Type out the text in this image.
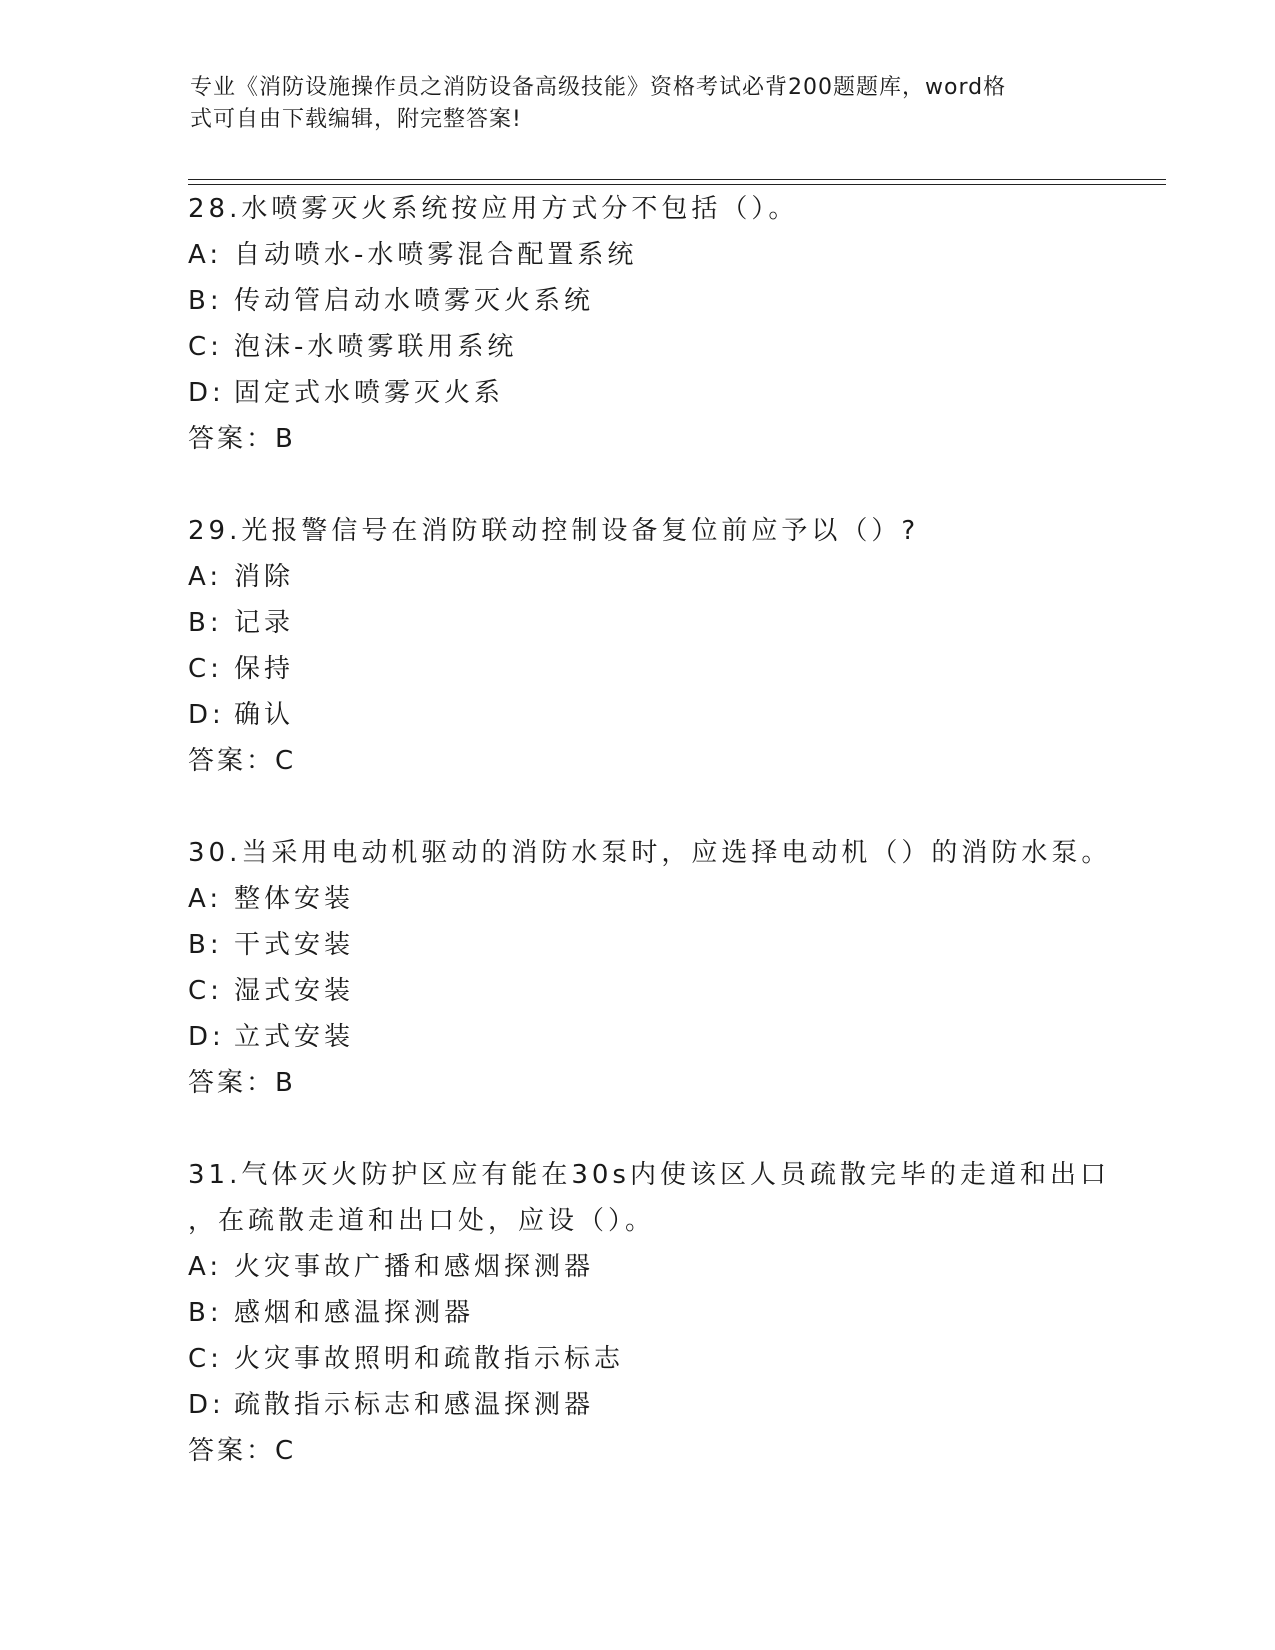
专业《消防设施操作员之消防设备高级技能》资格考试必背200题题库，word格
式可自由下载编辑，附完整答案!
28.水喷雾灭火系统按应用方式分不包括（）。
A: 自动喷水-水喷雾混合配置系统
B: 传动管启动水喷雾灭火系统
C: 泡沫-水喷雾联用系统
D: 固定式水喷雾灭火系
答案：B
29.光报警信号在消防联动控制设备复位前应予以（）?
A: 消除
B: 记录
C: 保持
D: 确认
答案：C
30.当采用电动机驱动的消防水泵时，应选择电动机（）的消防水泵。
A: 整体安装
B: 干式安装
C: 湿式安装
D: 立式安装
答案：B
31.气体灭火防护区应有能在30s内使该区人员疏散完毕的走道和出口
，在疏散走道和出口处，应设（）。
A: 火灾事故广播和感烟探测器
B: 感烟和感温探测器
C: 火灾事故照明和疏散指示标志
D: 疏散指示标志和感温探测器
答案：C
